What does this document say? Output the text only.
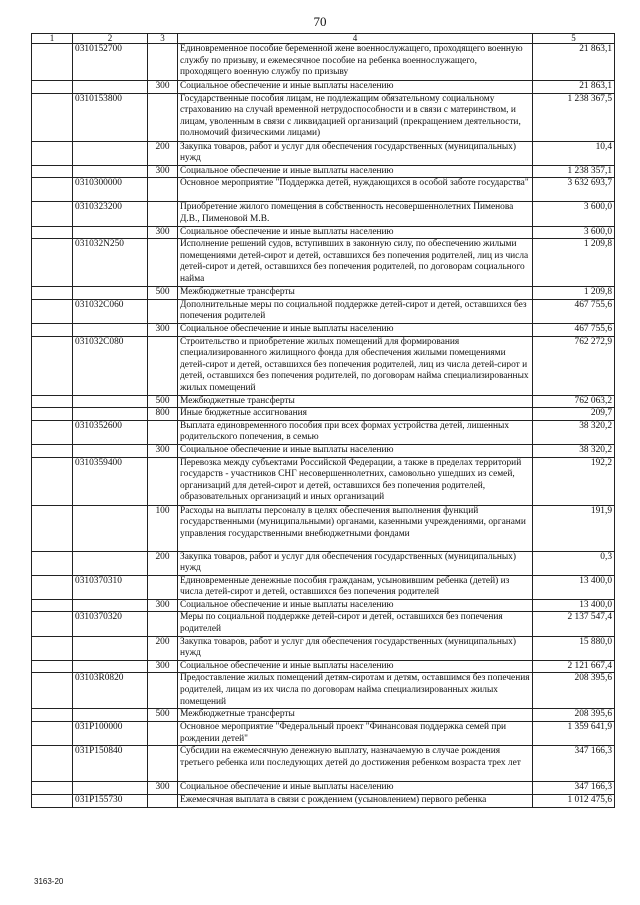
70
1	2	3	4	5
	0310152700		Единовременное пособие беременной жене военнослужащего, проходящего военную службу по призыву, и ежемесячное пособие на ребенка военнослужащего, проходящего военную службу по призыву	21 863,1
		300	Социальное обеспечение и иные выплаты населению	21 863,1
	0310153800		Государственные пособия лицам, не подлежащим обязательному социальному страхованию на случай временной нетрудоспособности и в связи с материнством, и лицам, уволенным в связи с ликвидацией организаций (прекращением деятельности, полномочий физическими лицами)	1 238 367,5
		200	Закупка товаров, работ и услуг для обеспечения государственных (муниципальных) нужд	10,4
		300	Социальное обеспечение и иные выплаты населению	1 238 357,1
	0310300000		Основное мероприятие "Поддержка детей, нуждающихся в особой заботе государства"	3 632 693,7
	0310323200		Приобретение жилого помещения в собственность несовершеннолетних Пименова Д.В., Пименовой М.В.	3 600,0
		300	Социальное обеспечение и иные выплаты населению	3 600,0
	031032N250		Исполнение решений судов, вступивших в законную силу, по обеспечению жилыми помещениями детей-сирот и детей, оставшихся без попечения родителей, лиц из числа детей-сирот и детей, оставшихся без попечения родителей, по договорам социального найма	1 209,8
		500	Межбюджетные трансферты	1 209,8
	031032С060		Дополнительные меры по социальной поддержке детей-сирот и детей, оставшихся без попечения родителей	467 755,6
		300	Социальное обеспечение и иные выплаты населению	467 755,6
	031032С080		Строительство и приобретение жилых помещений для формирования специализированного жилищного фонда для обеспечения жилыми помещениями детей-сирот и детей, оставшихся без попечения родителей, лиц из числа детей-сирот и детей, оставшихся без попечения родителей, по договорам найма специализированных жилых помещений	762 272,9
		500	Межбюджетные трансферты	762 063,2
		800	Иные бюджетные ассигнования	209,7
	0310352600		Выплата единовременного пособия при всех формах устройства детей, лишенных родительского попечения, в семью	38 320,2
		300	Социальное обеспечение и иные выплаты населению	38 320,2
	0310359400		Перевозка между субъектами Российской Федерации, а также в пределах территорий государств - участников СНГ несовершеннолетних, самовольно ушедших из семей, организаций для детей-сирот и детей, оставшихся без попечения родителей, образовательных организаций и иных организаций	192,2
		100	Расходы на выплаты персоналу в целях обеспечения выполнения функций государственными (муниципальными) органами, казенными учреждениями, органами управления государственными внебюджетными фондами	191,9
		200	Закупка товаров, работ и услуг для обеспечения государственных (муниципальных) нужд	0,3
	0310370310		Единовременные денежные пособия гражданам, усыновившим ребенка (детей) из числа детей-сирот и детей, оставшихся без попечения родителей	13 400,0
		300	Социальное обеспечение и иные выплаты населению	13 400,0
	0310370320		Меры по социальной поддержке детей-сирот и детей, оставшихся без попечения родителей	2 137 547,4
		200	Закупка товаров, работ и услуг для обеспечения государственных (муниципальных) нужд	15 880,0
		300	Социальное обеспечение и иные выплаты населению	2 121 667,4
	03103R0820		Предоставление жилых помещений детям-сиротам и детям, оставшимся без попечения родителей, лицам из их числа по договорам найма специализированных жилых помещений	208 395,6
		500	Межбюджетные трансферты	208 395,6
	031P100000		Основное мероприятие "Федеральный проект "Финансовая поддержка семей при рождении детей"	1 359 641,9
	031P150840		Субсидии на ежемесячную денежную выплату, назначаемую в случае рождения третьего ребенка или последующих детей до достижения ребенком возраста трех лет	347 166,3
		300	Социальное обеспечение и иные выплаты населению	347 166,3
	031P155730		Ежемесячная выплата в связи с рождением (усыновлением) первого ребенка	1 012 475,6
3163-20
